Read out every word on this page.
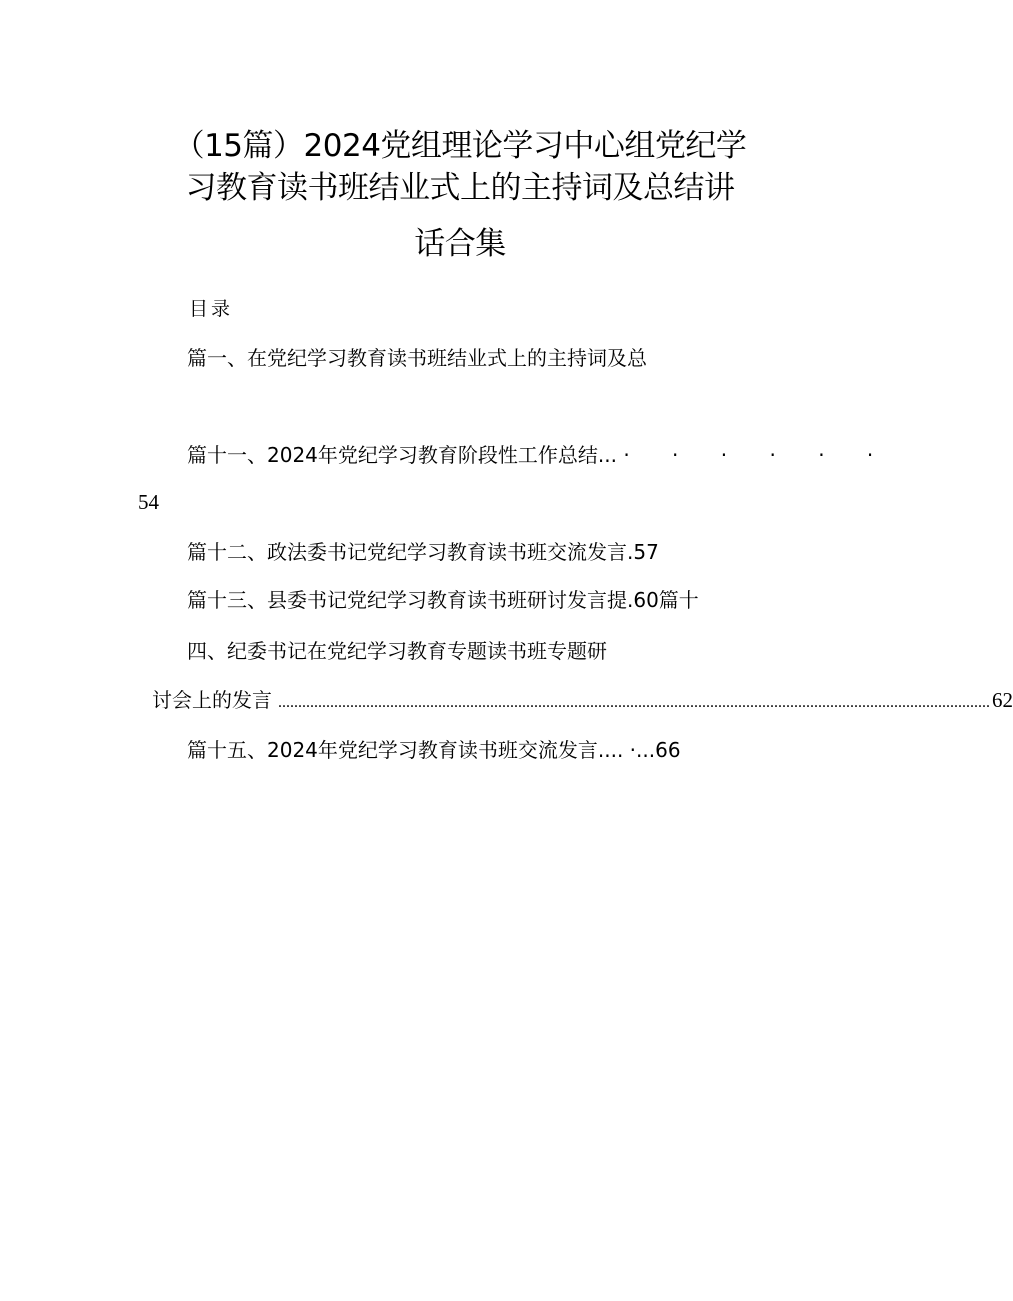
（15篇）2024党组理论学习中心组党纪学
习教育读书班结业式上的主持词及总结讲
话合集
目录
篇一、在党纪学习教育读书班结业式上的主持词及总
篇十一、2024年党纪学习教育阶段性工作总结... · · · · · ·
54
篇十二、政法委书记党纪学习教育读书班交流发言.57
篇十三、县委书记党纪学习教育读书班研讨发言提.60篇十
四、纪委书记在党纪学习教育专题读书班专题研
讨会上的发言 .................................................................................................................................................................................. 62
篇十五、2024年党纪学习教育读书班交流发言.... ·...66
